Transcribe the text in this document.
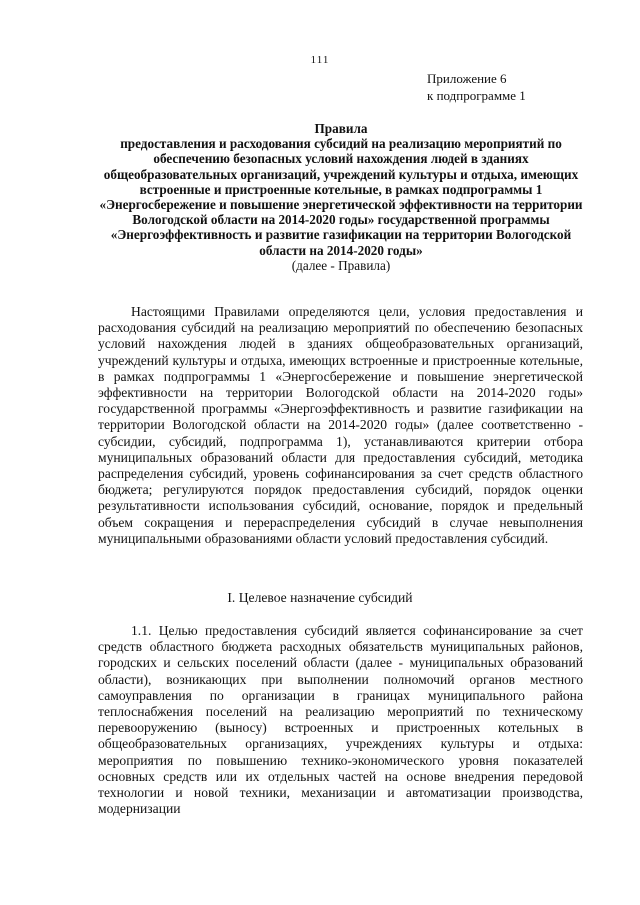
111
Приложение 6
к подпрограмме 1
Правила
предоставления и расходования субсидий на реализацию мероприятий по обеспечению безопасных условий нахождения людей в зданиях общеобразовательных организаций, учреждений культуры и отдыха, имеющих встроенные и пристроенные котельные, в рамках подпрограммы 1 «Энергосбережение и повышение энергетической эффективности на территории Вологодской области на 2014-2020 годы» государственной программы «Энергоэффективность и развитие газификации на территории Вологодской области на 2014-2020 годы»
(далее - Правила)

Настоящими Правилами определяются цели, условия предоставления и расходования субсидий на реализацию мероприятий по обеспечению безопасных условий нахождения людей в зданиях общеобразовательных организаций, учреждений культуры и отдыха, имеющих встроенные и пристроенные котельные, в рамках подпрограммы 1 «Энергосбережение и повышение энергетической эффективности на территории Вологодской области на 2014-2020 годы» государственной программы «Энергоэффективность и развитие газификации на территории Вологодской области на 2014-2020 годы» (далее соответственно - субсидии, субсидий, подпрограмма 1), устанавливаются критерии отбора муниципальных образований области для предоставления субсидий, методика распределения субсидий, уровень софинансирования за счет средств областного бюджета; регулируются порядок предоставления субсидий, порядок оценки результативности использования субсидий, основание, порядок и предельный объем сокращения и перераспределения субсидий в случае невыполнения муниципальными образованиями области условий предоставления субсидий.

I. Целевое назначение субсидий

1.1. Целью предоставления субсидий является софинансирование за счет средств областного бюджета расходных обязательств муниципальных районов, городских и сельских поселений области (далее - муниципальных образований области), возникающих при выполнении полномочий органов местного самоуправления по организации в границах муниципального района теплоснабжения поселений на реализацию мероприятий по техническому перевооружению (выносу) встроенных и пристроенных котельных в общеобразовательных организациях, учреждениях культуры и отдыха: мероприятия по повышению технико-экономического уровня показателей основных средств или их отдельных частей на основе внедрения передовой технологии и новой техники, механизации и автоматизации производства, модернизации
